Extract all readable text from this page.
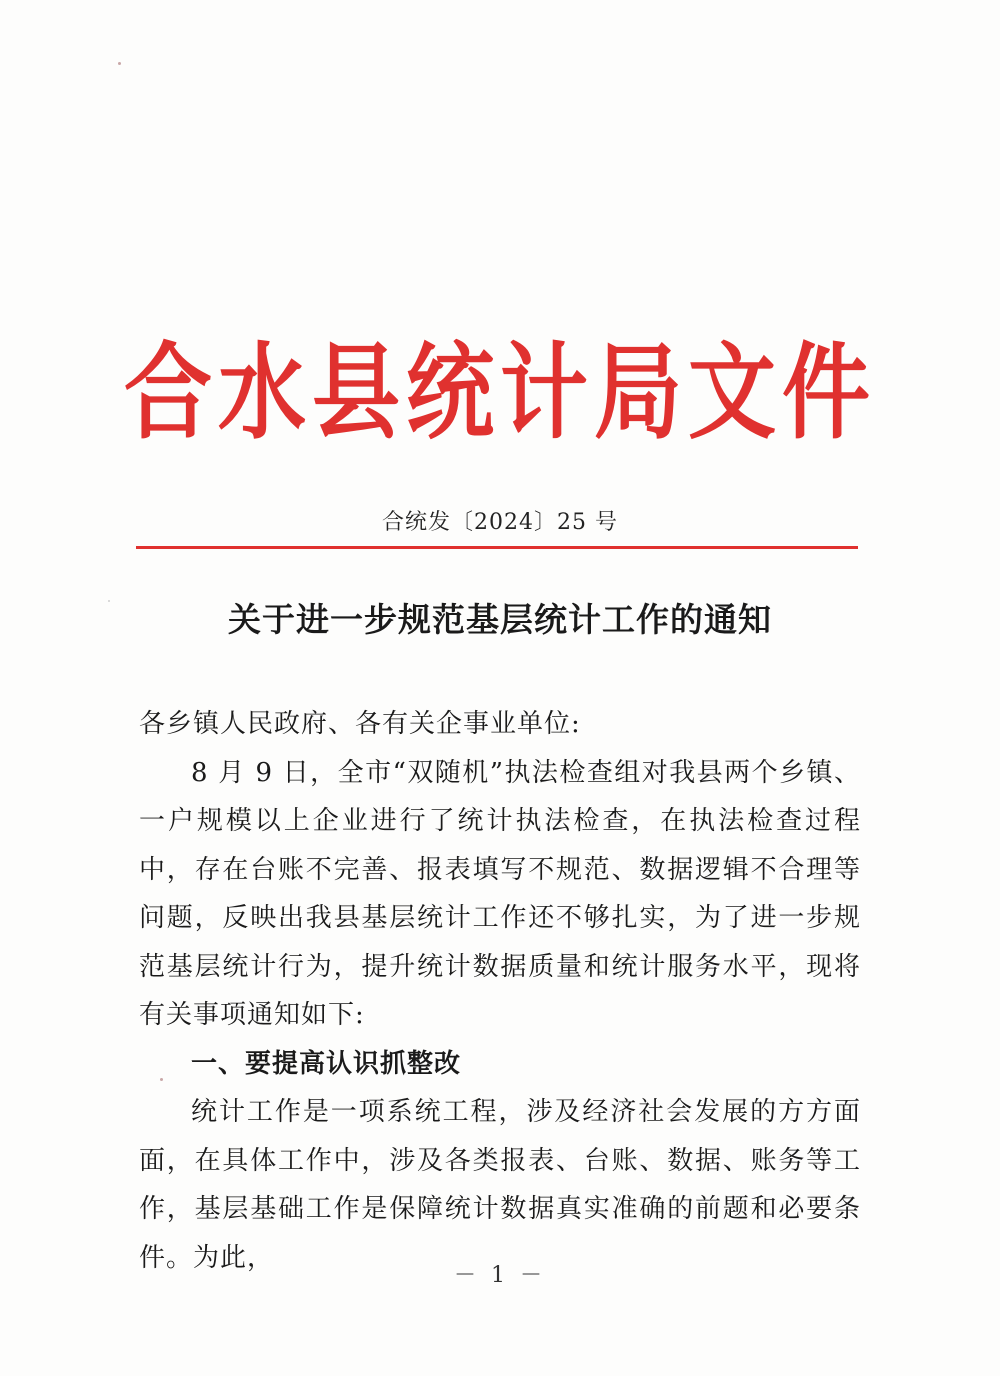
合水县统计局文件
合统发〔2024〕25 号
关于进一步规范基层统计工作的通知

各乡镇人民政府、各有关企事业单位:

8 月 9 日，全市“双随机”执法检查组对我县两个乡镇、一户规模以上企业进行了统计执法检查，在执法检查过程中，存在台账不完善、报表填写不规范、数据逻辑不合理等问题，反映出我县基层统计工作还不够扎实，为了进一步规范基层统计行为，提升统计数据质量和统计服务水平，现将有关事项通知如下:

一、要提高认识抓整改

统计工作是一项系统工程，涉及经济社会发展的方方面面，在具体工作中，涉及各类报表、台账、数据、账务等工作，基层基础工作是保障统计数据真实准确的前题和必要条件。为此，

－ 1 －
